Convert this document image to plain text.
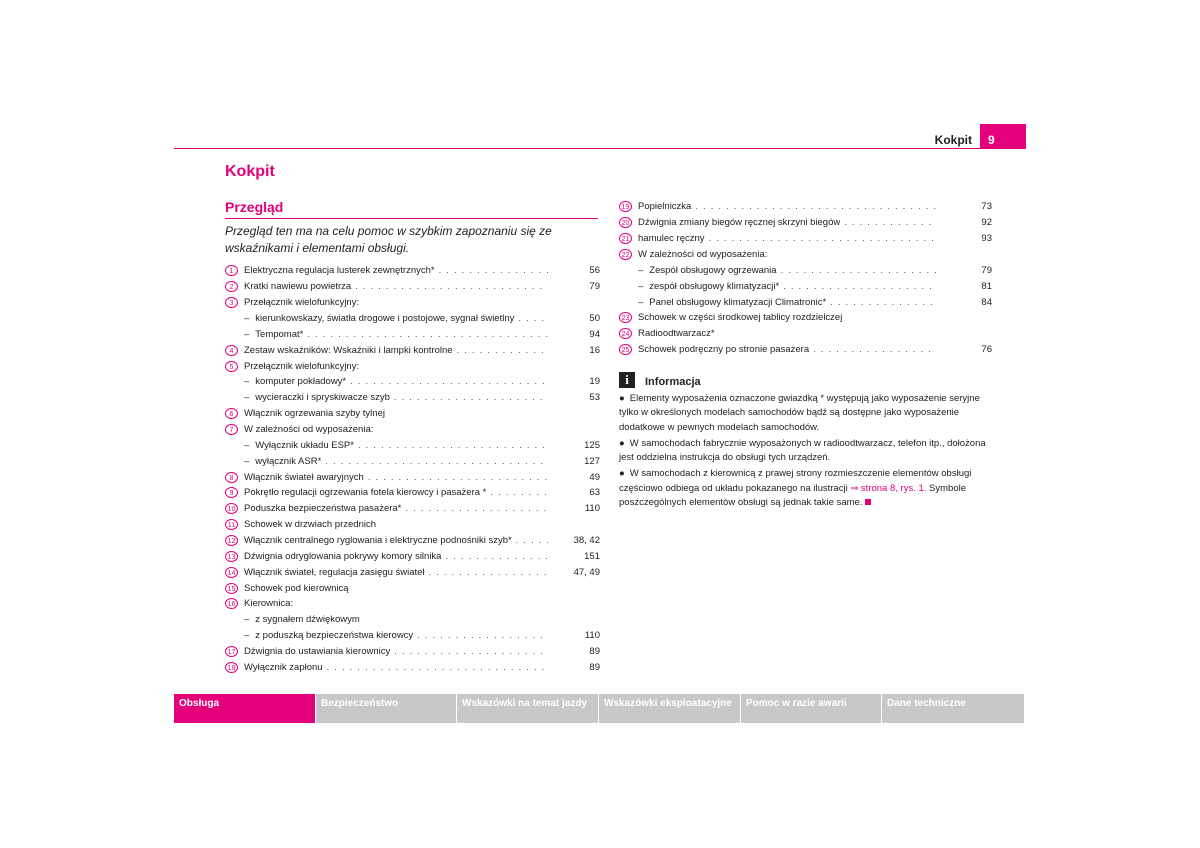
Kokpit	9
Kokpit
Przegląd
Przegląd ten ma na celu pomoc w szybkim zapoznaniu się ze wskaźnikami i elementami obsługi.
1	Elektryczna regulacja lusterek zewnętrznych* . . .	56
2	Kratki nawiewu powietrza . . .	79
3	Przełącznik wielofunkcyjny:
– kierunkowskazy, światła drogowe i postojowe, sygnał świetlny . . .	50
– Tempomat* . . .	94
4	Zestaw wskaźników: Wskaźniki i lampki kontrolne . . .	16
5	Przełącznik wielofunkcyjny:
– komputer pokładowy* . . .	19
– wycieraczki i spryskiwacze szyb . . .	53
6	Włącznik ogrzewania szyby tylnej
7	W zależności od wyposażenia:
– Wyłącznik układu ESP* . . .	125
– wyłącznik ASR* . . .	127
8	Włącznik świateł awaryjnych . . .	49
9	Pokrętło regulacji ogrzewania fotela kierowcy i pasażera * . . .	63
10 Poduszka bezpieczeństwa pasażera* . . .	110
11 Schowek w drzwiach przednich
12 Włącznik centralnego ryglowania i elektryczne podnośniki szyb* . . .	38, 42
13 Dźwignia odryglowania pokrywy komory silnika . . .	151
14 Włącznik świateł, regulacja zasięgu świateł . . .	47, 49
15 Schowek pod kierownicą
16 Kierownica:
– z sygnałem dźwiękowym
– z poduszką bezpieczeństwa kierowcy . . .	110
17 Dźwignia do ustawiania kierownicy . . .	89
18 Wyłącznik zapłonu . . .	89
19 Popielniczka . . .	73
20 Dźwignia zmiany biegów ręcznej skrzyni biegów . . .	92
21 hamulec ręczny . . .	93
22 W zależności od wyposażenia:
– Zespół obsługowy ogrzewania . . .	79
– zespół obsługowy klimatyzacji* . . .	81
– Panel obsługowy klimatyzacji Climatronic* . . .	84
23 Schowek w części środkowej tablicy rozdzielczej
24 Radioodtwarzacz*
25 Schowek podręczny po stronie pasażera . . .	76
i	Informacja

● Elementy wyposażenia oznaczone gwiazdką * występują jako wyposażenie seryjne tylko w określonych modelach samochodów bądź są dostępne jako wyposażenie dodatkowe w pewnych modelach samochodów.

● W samochodach fabrycznie wyposażonych w radioodtwarzacz, telefon itp., dołożona jest oddzielna instrukcja do obsługi tych urządzeń.

● W samochodach z kierownicą z prawej strony rozmieszczenie elementów obsługi częściowo odbiega od układu pokazanego na ilustracji ⇒ strona 8, rys. 1. Symbole poszczególnych elementów obsługi są jednak takie same.

Obsługa	Bezpieczeństwo	Wskazówki na temat jazdy	Wskazówki eksploatacyjne	Pomoc w razie awarii	Dane techniczne
